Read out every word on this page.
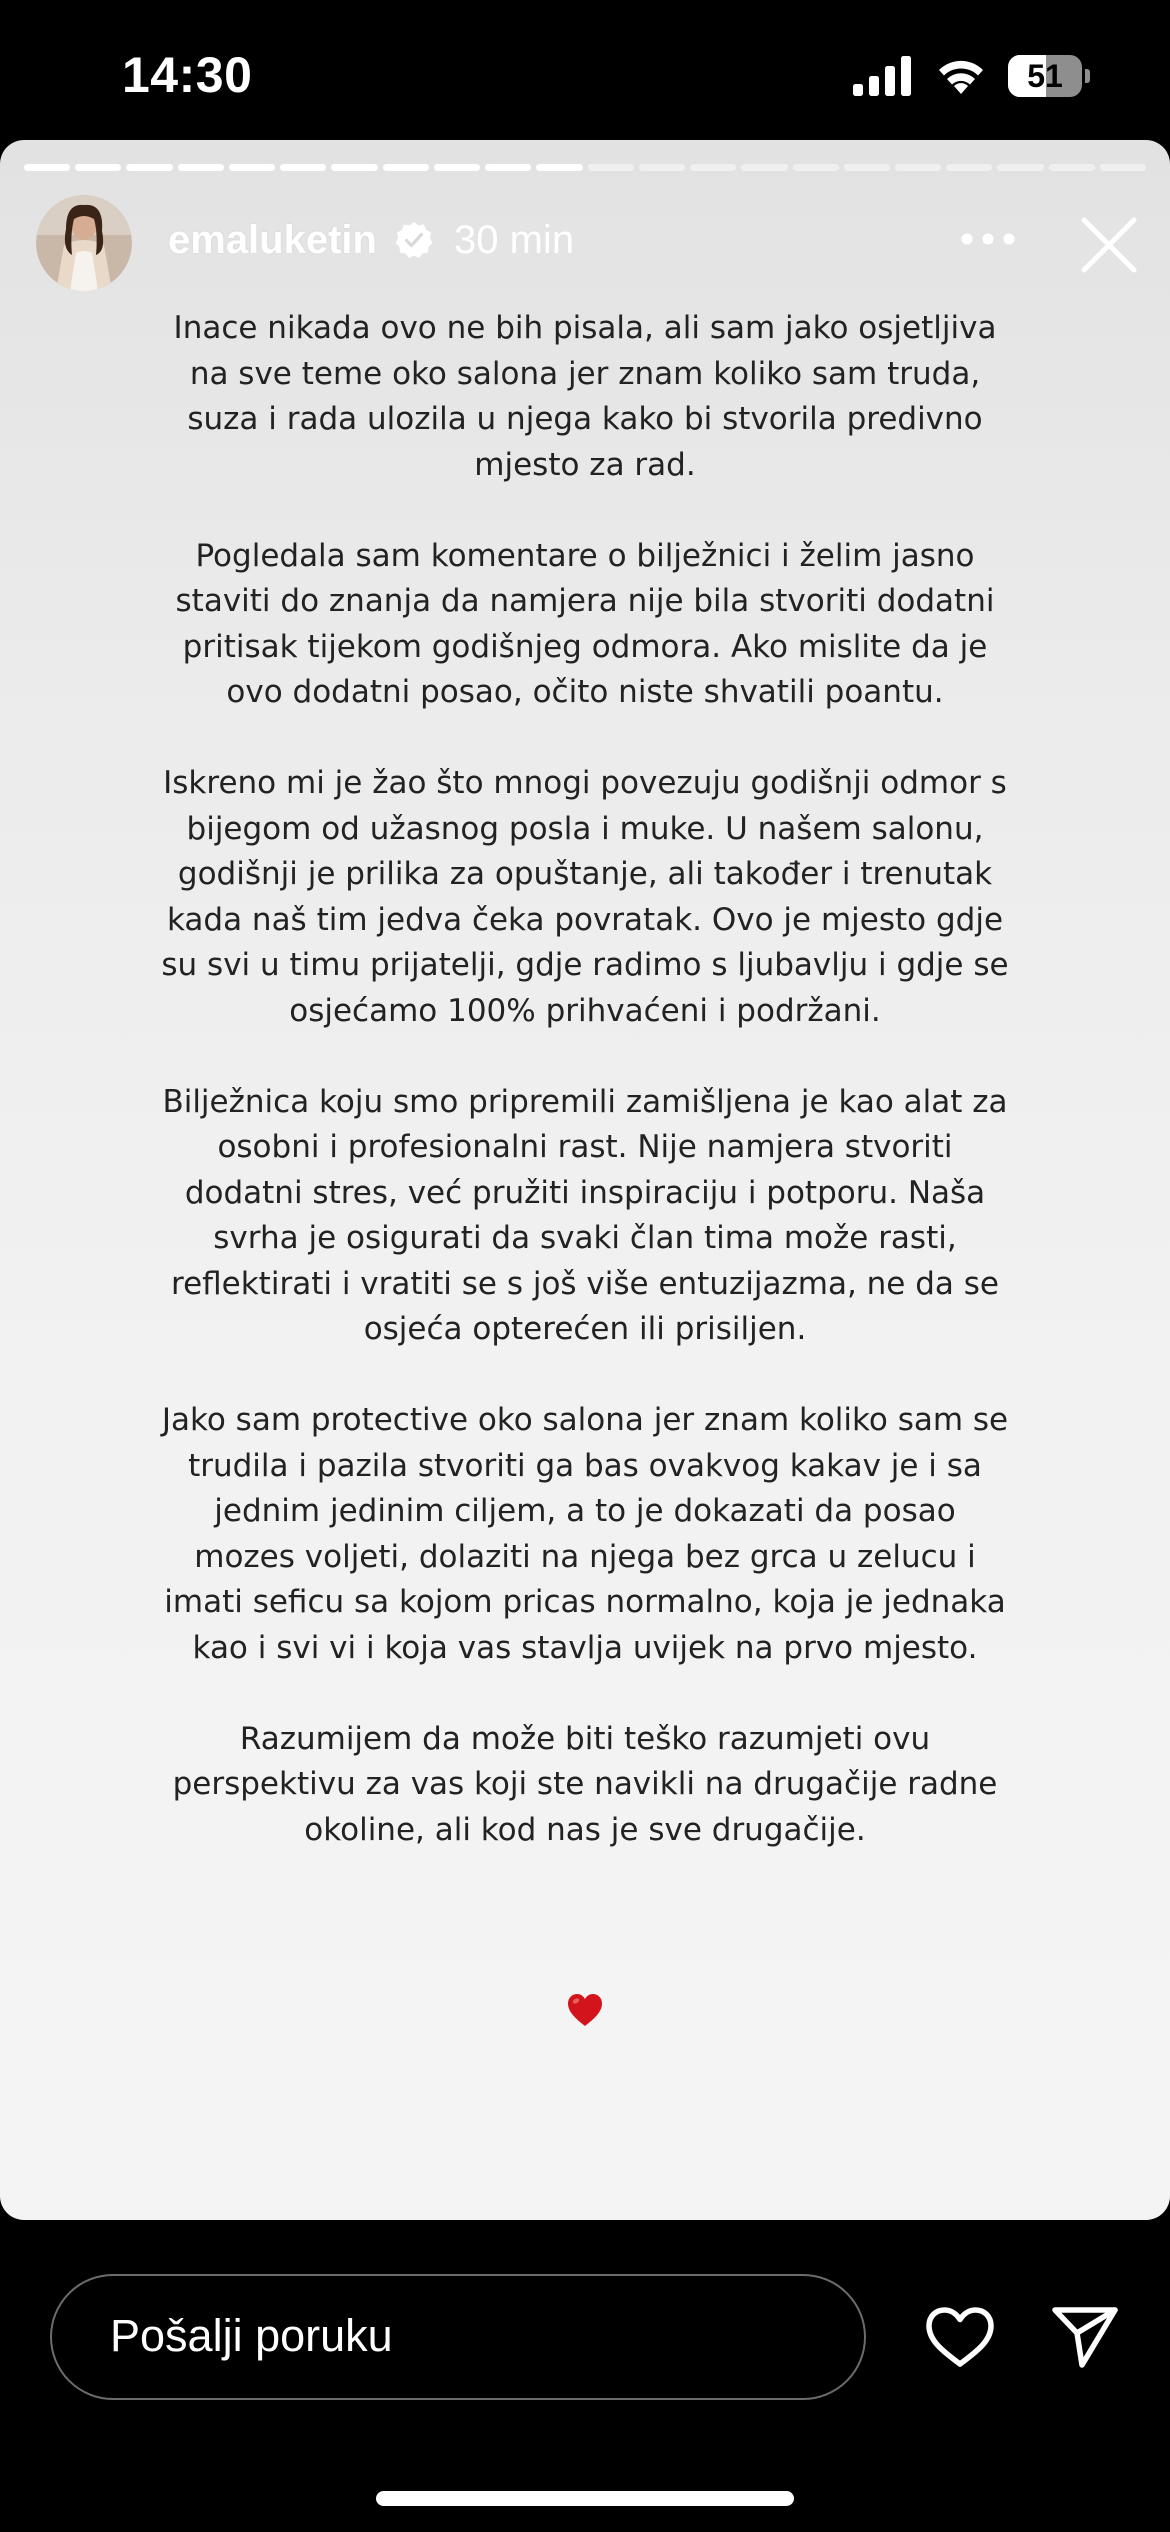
14:30	51
emaluketin 30 min

Inace nikada ovo ne bih pisala, ali sam jako osjetljiva na sve teme oko salona jer znam koliko sam truda, suza i rada ulozila u njega kako bi stvorila predivno mjesto za rad.

Pogledala sam komentare o bilježnici i želim jasno staviti do znanja da namjera nije bila stvoriti dodatni pritisak tijekom godišnjeg odmora. Ako mislite da je ovo dodatni posao, očito niste shvatili poantu.

Iskreno mi je žao što mnogi povezuju godišnji odmor s bijegom od užasnog posla i muke. U našem salonu, godišnji je prilika za opuštanje, ali također i trenutak kada naš tim jedva čeka povratak. Ovo je mjesto gdje su svi u timu prijatelji, gdje radimo s ljubavlju i gdje se osjećamo 100% prihvaćeni i podržani.

Bilježnica koju smo pripremili zamišljena je kao alat za osobni i profesionalni rast. Nije namjera stvoriti dodatni stres, već pružiti inspiraciju i potporu. Naša svrha je osigurati da svaki član tima može rasti, reflektirati i vratiti se s još više entuzijazma, ne da se osjeća opterećen ili prisiljen.

Jako sam protective oko salona jer znam koliko sam se trudila i pazila stvoriti ga bas ovakvog kakav je i sa jednim jedinim ciljem, a to je dokazati da posao mozes voljeti, dolaziti na njega bez grca u zelucu i imati seficu sa kojom pricas normalno, koja je jednaka kao i svi vi i koja vas stavlja uvijek na prvo mjesto.

Razumijem da može biti teško razumjeti ovu perspektivu za vas koji ste navikli na drugačije radne okoline, ali kod nas je sve drugačije.

Pošalji poruku
